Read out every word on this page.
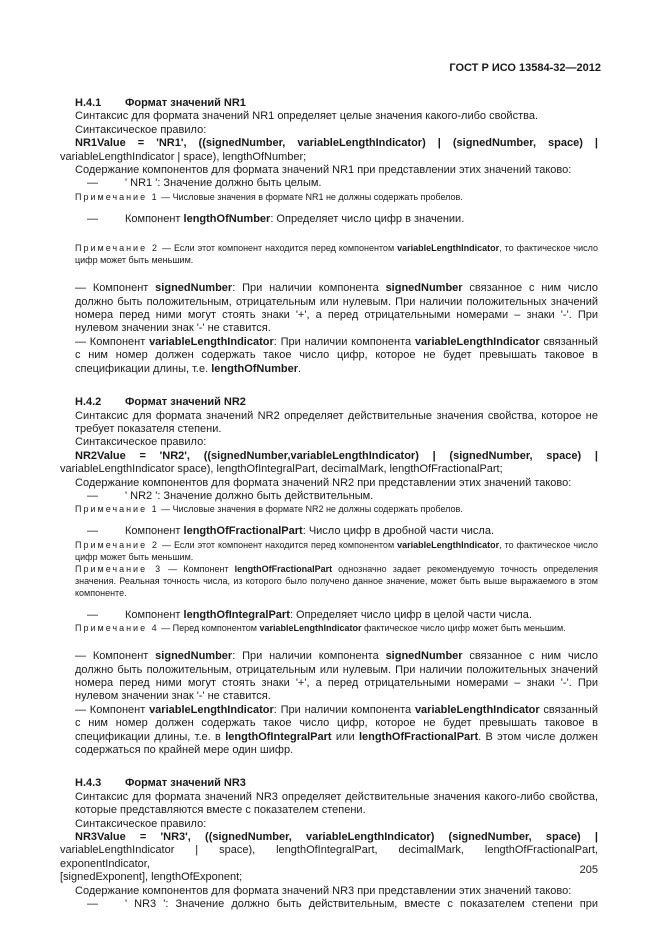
ГОСТ Р ИСО 13584-32—2012

H.4.1 Формат значений NR1

Синтаксис для формата значений NR1 определяет целые значения какого-либо свойства.

Синтаксическое правило:

NR1Value = 'NR1', ((signedNumber, variableLengthIndicator) | (signedNumber, space) |

variableLengthIndicator | space), lengthOfNumber;

Содержание компонентов для формата значений NR1 при представлении этих значений таково:

—	' NR1 ': Значение должно быть целым.

Примечание 1 — Числовые значения в формате NR1 не должны содержать пробелов.

—	Компонент lengthOfNumber: Определяет число цифр в значении.

Примечание 2 — Если этот компонент находится перед компонентом variableLengthIndicator, то фактическое число цифр может быть меньшим.

— Компонент signedNumber: При наличии компонента signedNumber связанное с ним число должно быть положительным, отрицательным или нулевым. При наличии положительных значений номера перед ними могут стоять знаки '+', а перед отрицательными номерами – знаки '-'. При нулевом значении знак '-' не ставится.

— Компонент variableLengthIndicator: При наличии компонента variableLengthIndicator связанный с ним номер должен содержать такое число цифр, которое не будет превышать таковое в спецификации длины, т.е. lengthOfNumber.

H.4.2 Формат значений NR2

Синтаксис для формата значений NR2 определяет действительные значения свойства, которое не требует показателя степени.

Синтаксическое правило:

NR2Value = 'NR2', ((signedNumber,variableLengthIndicator) | (signedNumber, space) |

variableLengthIndicator space), lengthOfIntegralPart, decimalMark, lengthOfFractionalPart;

Содержание компонентов для формата значений NR2 при представлении этих значений таково:

—	' NR2 ': Значение должно быть действительным.

Примечание 1 — Числовые значения в формате NR2 не должны содержать пробелов.

—	Компонент lengthOfFractionalPart: Число цифр в дробной части числа.

Примечание 2 — Если этот компонент находится перед компонентом variableLengthIndicator, то фактическое число цифр может быть меньшим.

Примечание 3 — Компонент lengthOfFractionalPart однозначно задает рекомендуемую точность определения значения. Реальная точность числа, из которого было получено данное значение, может быть выше выражаемого в этом компоненте.

—	Компонент lengthOfIntegralPart: Определяет число цифр в целой части числа.

Примечание 4 — Перед компонентом variableLengthIndicator фактическое число цифр может быть меньшим.

— Компонент signedNumber: При наличии компонента signedNumber связанное с ним число должно быть положительным, отрицательным или нулевым. При наличии положительных значений номера перед ними могут стоять знаки '+', а перед отрицательными номерами – знаки '-'. При нулевом значении знак '-' не ставится.

— Компонент variableLengthIndicator: При наличии компонента variableLengthIndicator связанный с ним номер должен содержать такое число цифр, которое не будет превышать таковое в спецификации длины, т.е. в lengthOfIntegralPart или lengthOfFractionalPart. В этом числе должен содержаться по крайней мере один шифр.

H.4.3 Формат значений NR3

Синтаксис для формата значений NR3 определяет действительные значения какого-либо свойства, которые представляются вместе с показателем степени.

Синтаксическое правило:

NR3Value = 'NR3', ((signedNumber, variableLengthIndicator) (signedNumber, space) |

variableLengthIndicator | space), lengthOfIntegralPart, decimalMark, lengthOfFractionalPart, exponentIndicator,

[signedExponent], lengthOfExponent;

Содержание компонентов для формата значений NR3 при представлении этих значений таково:

—	' NR3 ': Значение должно быть действительным, вместе с показателем степени при
205
